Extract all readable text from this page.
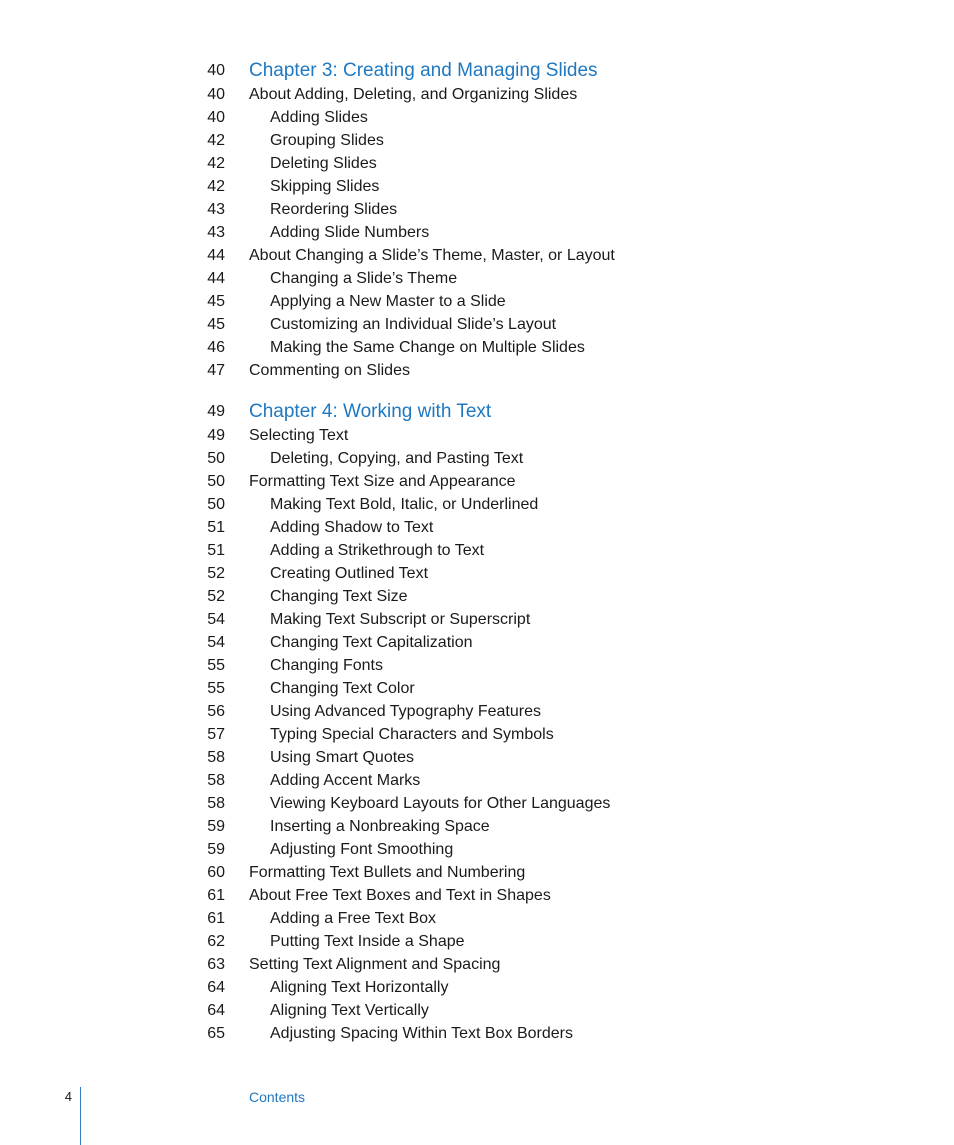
40 Chapter 3: Creating and Managing Slides
40 About Adding, Deleting, and Organizing Slides
40	Adding Slides
42	Grouping Slides
42	Deleting Slides
42	Skipping Slides
43	Reordering Slides
43	Adding Slide Numbers
44 About Changing a Slide’s Theme, Master, or Layout
44	Changing a Slide’s Theme
45	Applying a New Master to a Slide
45	Customizing an Individual Slide’s Layout
46	Making the Same Change on Multiple Slides
47 Commenting on Slides
49 Chapter 4: Working with Text
49 Selecting Text
50	Deleting, Copying, and Pasting Text
50 Formatting Text Size and Appearance
50	Making Text Bold, Italic, or Underlined
51	Adding Shadow to Text
51	Adding a Strikethrough to Text
52	Creating Outlined Text
52	Changing Text Size
54	Making Text Subscript or Superscript
54	Changing Text Capitalization
55	Changing Fonts
55	Changing Text Color
56	Using Advanced Typography Features
57	Typing Special Characters and Symbols
58	Using Smart Quotes
58	Adding Accent Marks
58	Viewing Keyboard Layouts for Other Languages
59	Inserting a Nonbreaking Space
59	Adjusting Font Smoothing
60 Formatting Text Bullets and Numbering
61 About Free Text Boxes and Text in Shapes
61	Adding a Free Text Box
62	Putting Text Inside a Shape
63 Setting Text Alignment and Spacing
64	Aligning Text Horizontally
64	Aligning Text Vertically
65	Adjusting Spacing Within Text Box Borders
4	Contents
